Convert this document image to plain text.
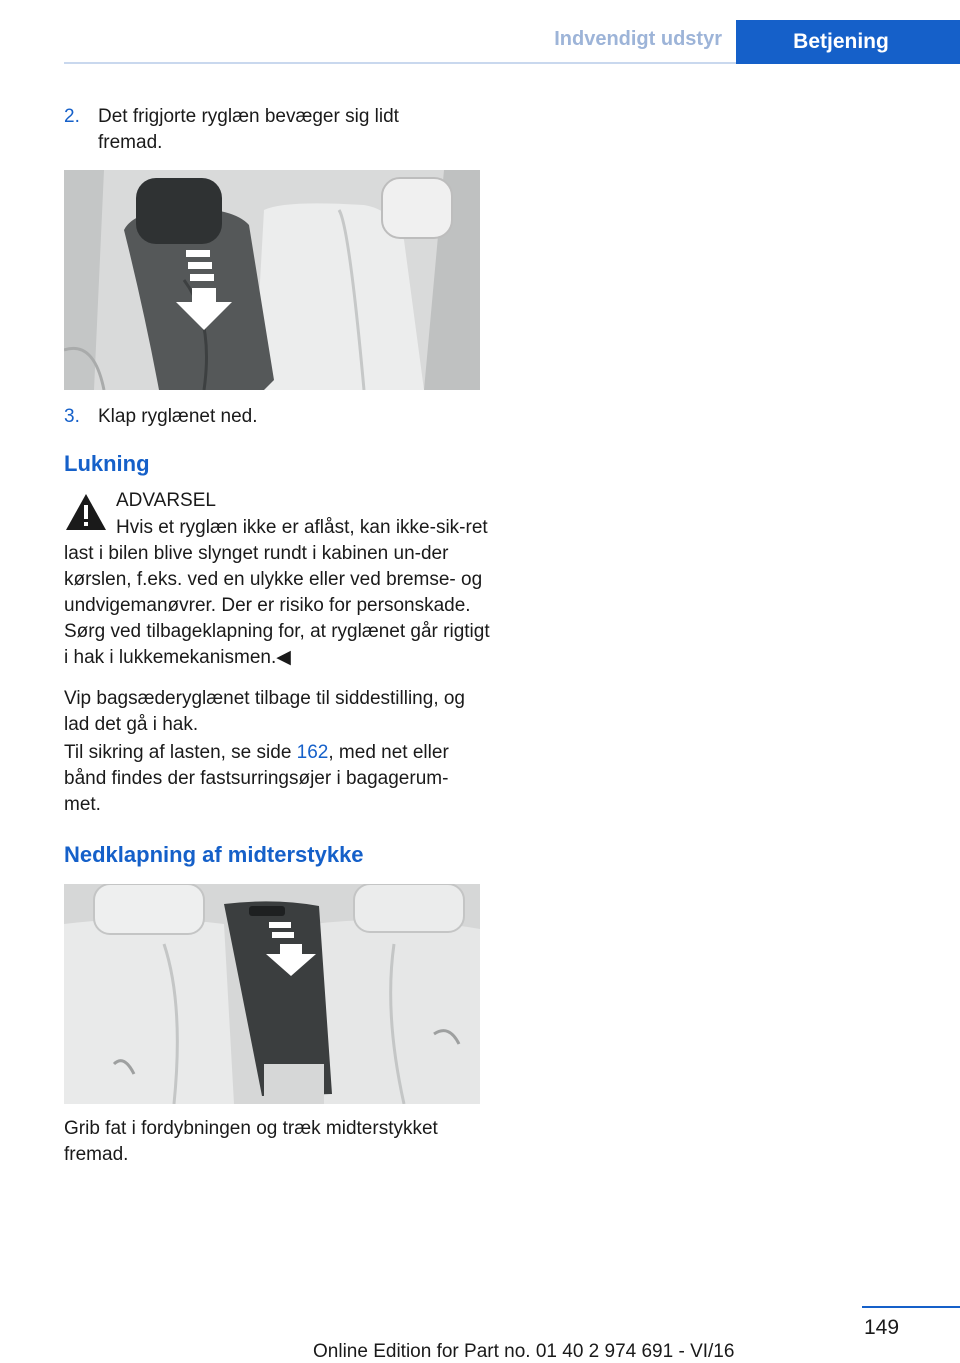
Indvendigt udstyr	Betjening
2. Det frigjorte ryglæn bevæger sig lidt fremad.
3. Klap ryglænet ned.
Lukning
ADVARSEL
Hvis et ryglæn ikke er aflåst, kan ikke-sik-ret last i bilen blive slynget rundt i kabinen un-der kørslen, f.eks. ved en ulykke eller ved bremse- og undvigemanøvrer. Der er risiko for personskade. Sørg ved tilbageklapning for, at ryglænet går rigtigt i hak i lukkemekanismen.◀
Vip bagsæderyglænet tilbage til siddestilling, og lad det gå i hak.
Til sikring af lasten, se side 162, med net eller bånd findes der fastsurringsøjer i bagagerum-met.
Nedklapning af midterstykke
Grib fat i fordybningen og træk midterstykket fremad.
149
Online Edition for Part no. 01 40 2 974 691 - VI/16
